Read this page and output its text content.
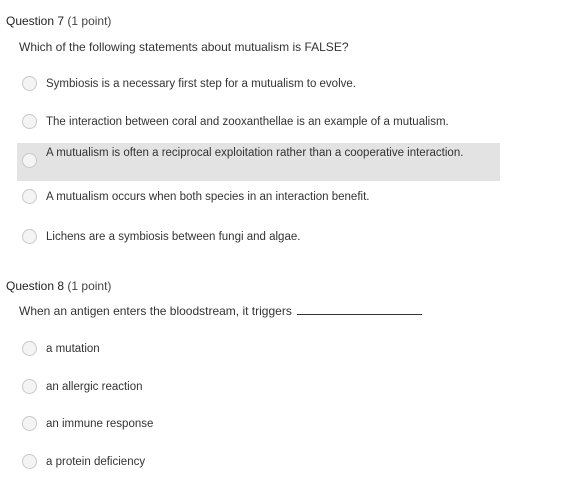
Question 7 (1 point)
Which of the following statements about mutualism is FALSE?
Symbiosis is a necessary first step for a mutualism to evolve.
The interaction between coral and zooxanthellae is an example of a mutualism.
A mutualism is often a reciprocal exploitation rather than a cooperative interaction.
A mutualism occurs when both species in an interaction benefit.
Lichens are a symbiosis between fungi and algae.
Question 8 (1 point)
When an antigen enters the bloodstream, it triggers
a mutation
an allergic reaction
an immune response
a protein deficiency
